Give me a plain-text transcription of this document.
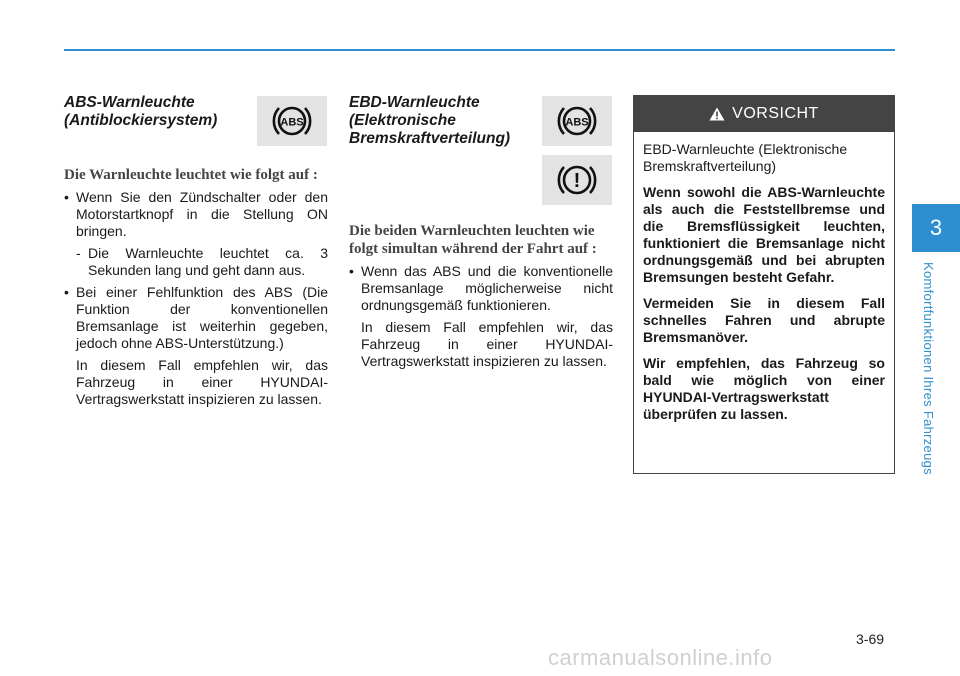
3
Komfortfunktionen Ihres Fahrzeugs
ABS-Warnleuchte (Antiblockiersystem)

Die Warnleuchte leuchtet wie folgt auf :

• Wenn Sie den Zündschalter oder den Motorstartknopf in die Stellung ON bringen.

- Die Warnleuchte leuchtet ca. 3 Sekunden lang und geht dann aus.

• Bei einer Fehlfunktion des ABS (Die Funktion der konventionellen Bremsanlage ist weiterhin gegeben, jedoch ohne ABS-Unterstützung.)

In diesem Fall empfehlen wir, das Fahrzeug in einer HYUNDAI-Vertragswerkstatt inspizieren zu lassen.

ABS
EBD-Warnleuchte (Elektronische Bremskraftverteilung)

Die beiden Warnleuchten leuchten wie folgt simultan während der Fahrt auf :

• Wenn das ABS und die konventionelle Bremsanlage möglicherweise nicht ordnungsgemäß funktionieren.

In diesem Fall empfehlen wir, das Fahrzeug in einer HYUNDAI-Vertragswerkstatt inspizieren zu lassen.

ABS
!
VORSICHT

EBD-Warnleuchte (Elektronische Bremskraftverteilung)

Wenn sowohl die ABS-Warnleuchte als auch die Feststellbremse und die Bremsflüssigkeit leuchten, funktioniert die Bremsanlage nicht ordnungsgemäß und bei abrupten Bremsungen besteht Gefahr.

Vermeiden Sie in diesem Fall schnelles Fahren und abrupte Bremsmanöver.

Wir empfehlen, das Fahrzeug so bald wie möglich von einer HYUNDAI-Vertragswerkstatt überprüfen zu lassen.

3-69
carmanualsonline.info
